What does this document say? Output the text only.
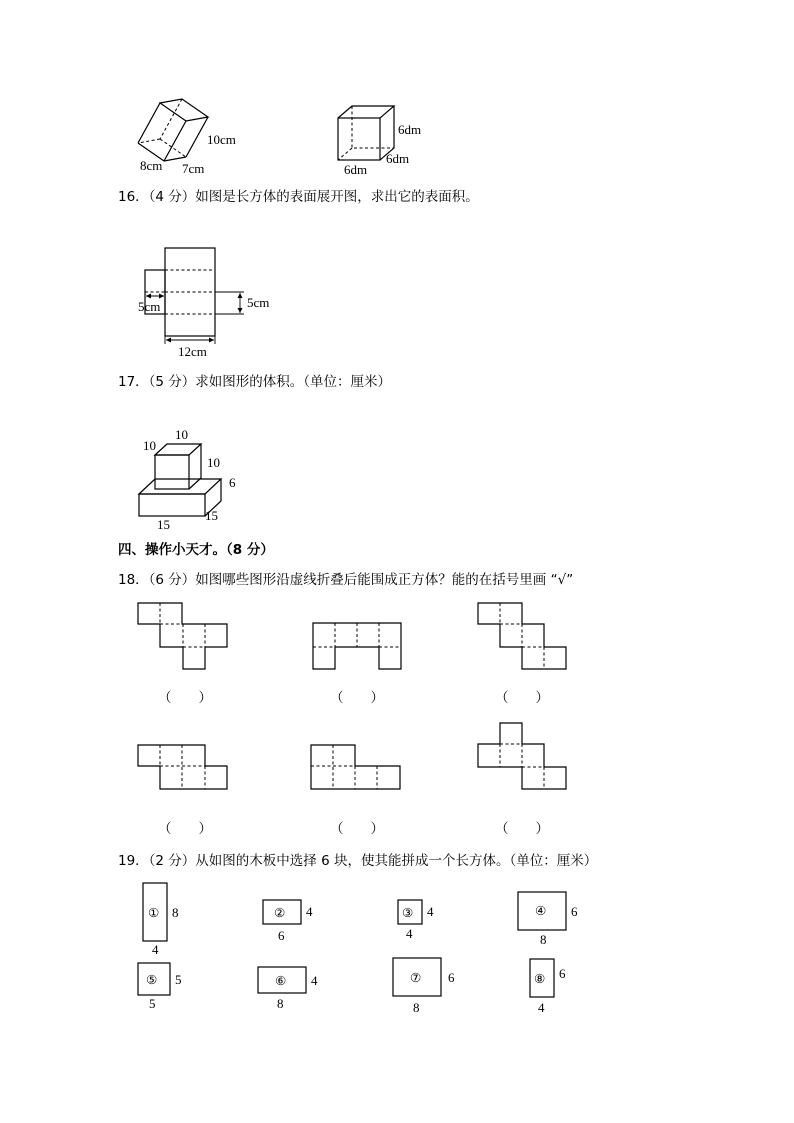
10cm
8cm 7cm
6dm
6dm
6dm
16．（4 分）如图是长方体的表面展开图，求出它的表面积。
5cm	5cm
12cm
17．（5 分）求如图形的体积。（单位：厘米）
10
10
10
6
15
15
四、操作小天才。（8 分）
18．（6 分）如图哪些图形沿虚线折叠后能围成正方体？能的在括号里画 “√”
（　　）	（　　）	（　　）
（　　）	（　　）	（　　）
19．（2 分）从如图的木板中选择 6 块，使其能拼成一个长方体。（单位：厘米）
① 8
4
② 4
6
③ 4
4
④ 6
8
⑤ 5
5
⑥ 4
8
⑦ 6
8
⑧ 6
4
